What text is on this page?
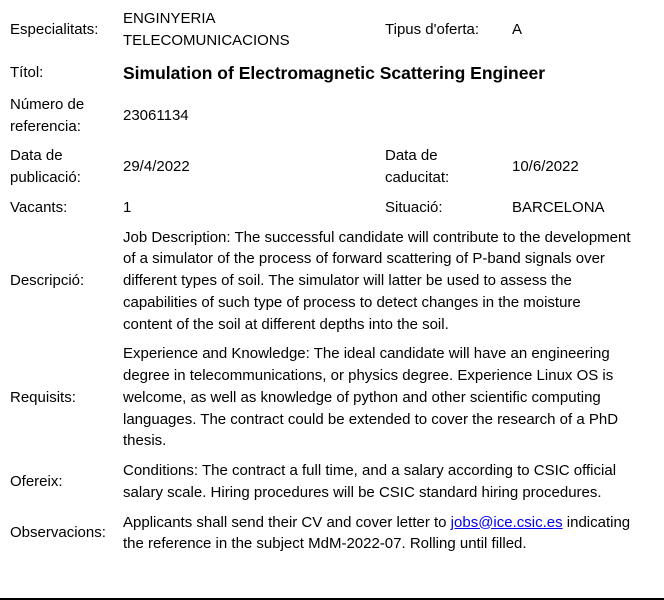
Especialitats:
ENGINYERIA TELECOMUNICACIONS
Tipus d'oferta:	A
Títol:	Simulation of Electromagnetic Scattering Engineer
Número de referencia:
23061134
Data de publicació:
29/4/2022
Data de caducitat:
10/6/2022
Vacants:	1	Situació:	BARCELONA
Descripció:
Job Description: The successful candidate will contribute to the development of a simulator of the process of forward scattering of P-band signals over different types of soil. The simulator will latter be used to assess the capabilities of such type of process to detect changes in the moisture content of the soil at different depths into the soil.
Requisits:
Experience and Knowledge: The ideal candidate will have an engineering degree in telecommunications, or physics degree. Experience Linux OS is welcome, as well as knowledge of python and other scientific computing languages. The contract could be extended to cover the research of a PhD thesis.
Ofereix:
Conditions: The contract a full time, and a salary according to CSIC official salary scale. Hiring procedures will be CSIC standard hiring procedures.
Observacions:
Applicants shall send their CV and cover letter to jobs@ice.csic.es indicating the reference in the subject MdM-2022-07. Rolling until filled.
